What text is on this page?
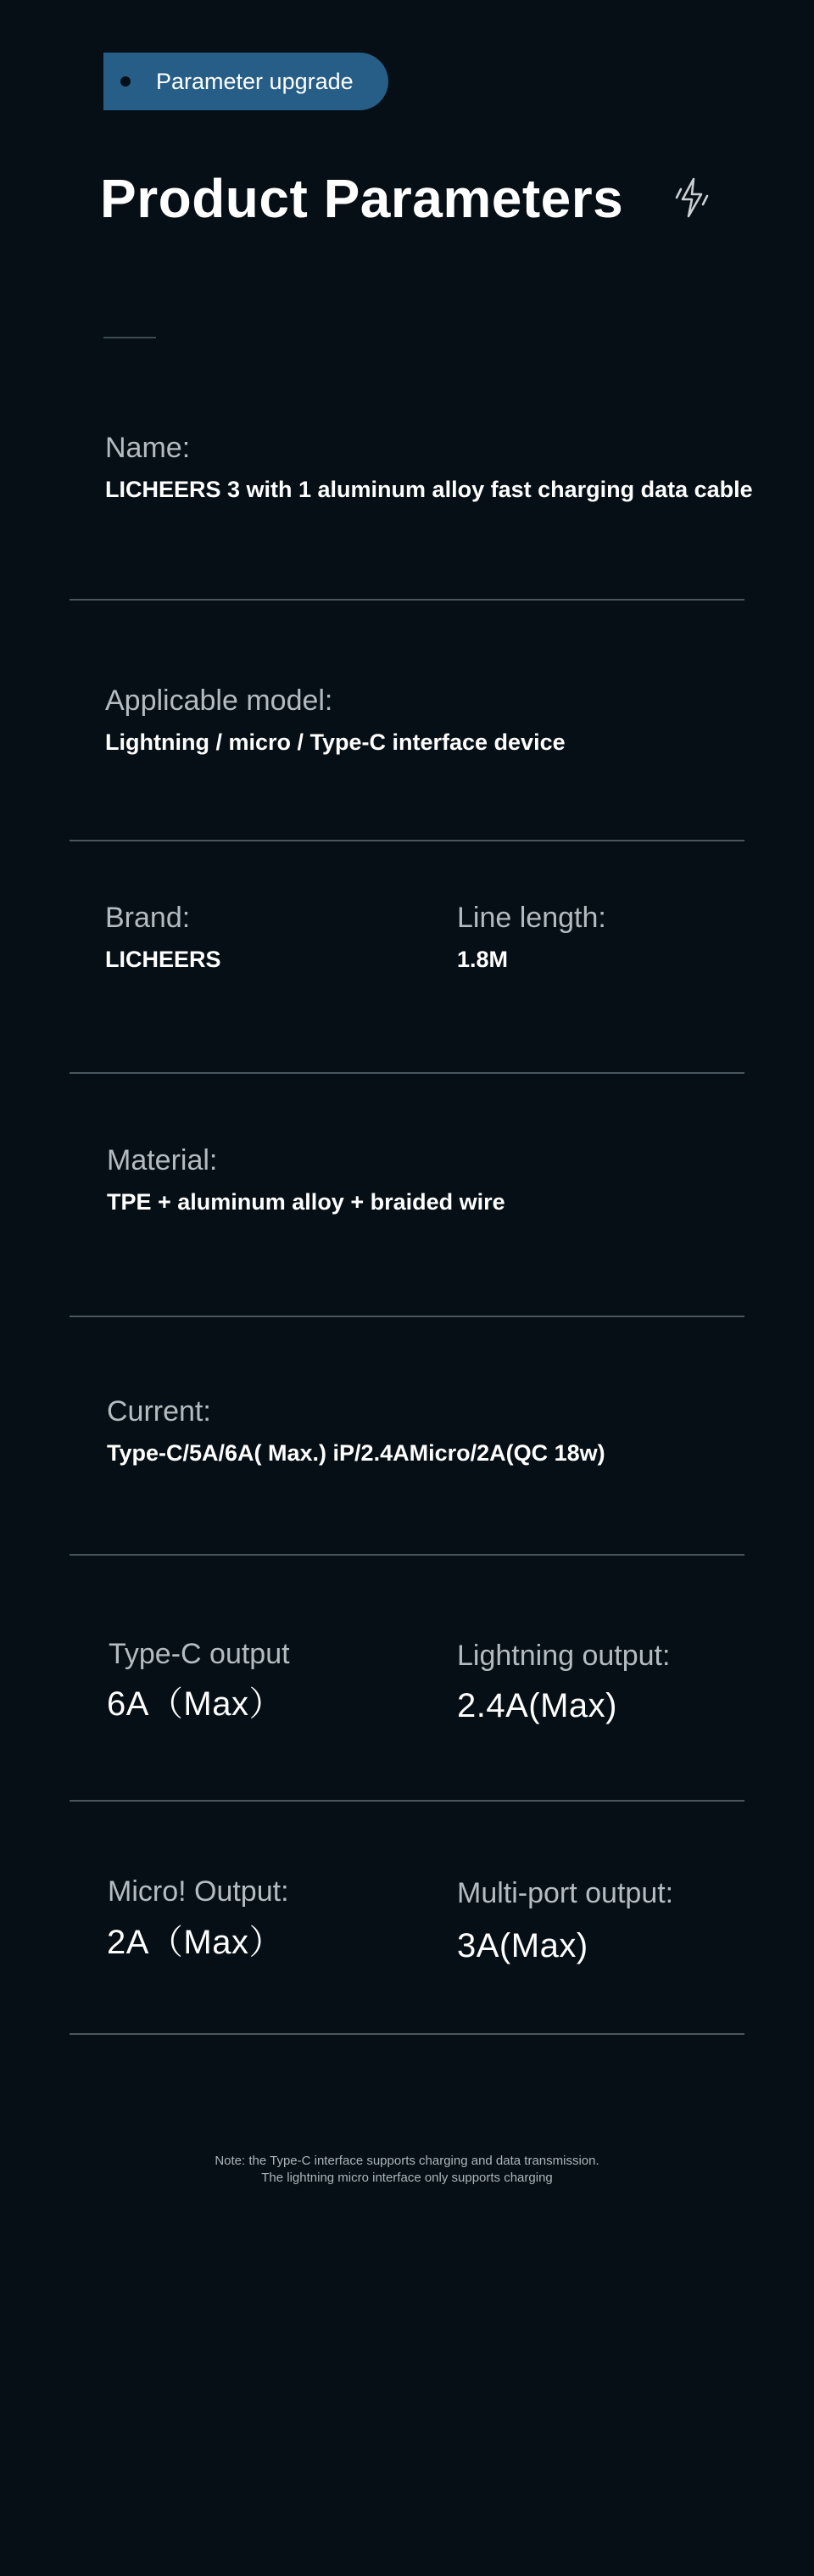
Parameter upgrade
Product Parameters
Name:
LICHEERS 3 with 1 aluminum alloy fast charging data cable
Applicable model:
Lightning / micro / Type-C interface device
Brand:
LICHEERS
Line length:
1.8M
Material:
TPE + aluminum alloy + braided wire
Current:
Type-C/5A/6A( Max.) iP/2.4AMicro/2A(QC 18w)
Type-C output
6A（Max）
Lightning output:
2.4A(Max)
Micro! Output:
2A（Max）
Multi-port output:
3A(Max)
Note: the Type-C interface supports charging and data transmission.
The lightning micro interface only supports charging
